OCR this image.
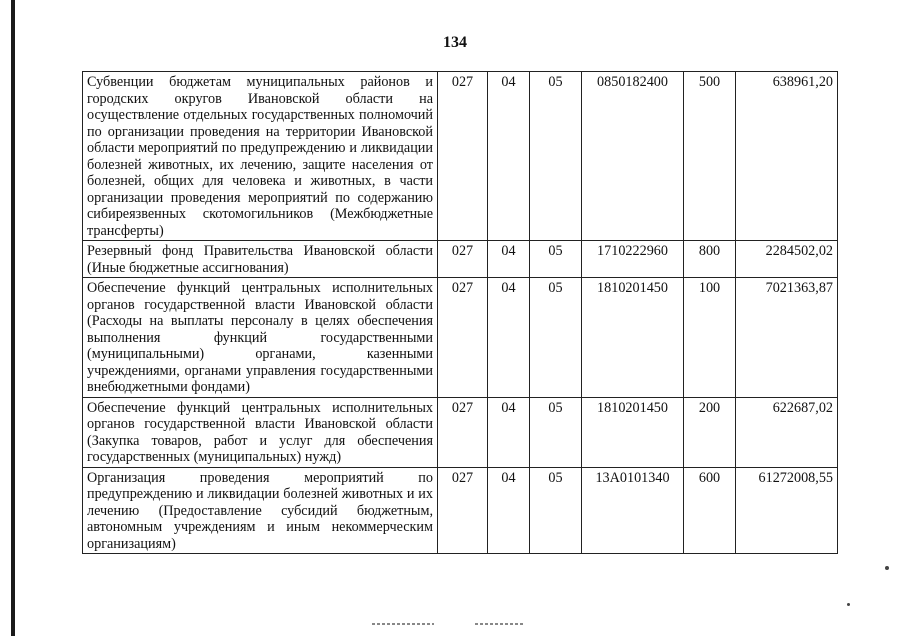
134
Субвенции бюджетам муниципальных районов и городских округов Ивановской области на осуществление отдельных государственных полномочий по организации проведения на территории Ивановской области мероприятий по предупреждению и ликвидации болезней животных, их лечению, защите населения от болезней, общих для человека и животных, в части организации проведения мероприятий по содержанию сибиреязвенных скотомогильников (Межбюджетные трансферты)	027	04	05	0850182400	500	638961,20
Резервный фонд Правительства Ивановской области (Иные бюджетные ассигнования)	027	04	05	1710222960	800	2284502,02
Обеспечение функций центральных исполнительных органов государственной власти Ивановской области (Расходы на выплаты персоналу в целях обеспечения выполнения функций государственными (муниципальными) органами, казенными учреждениями, органами управления государственными внебюджетными фондами)	027	04	05	1810201450	100	7021363,87
Обеспечение функций центральных исполнительных органов государственной власти Ивановской области (Закупка товаров, работ и услуг для обеспечения государственных (муниципальных) нужд)	027	04	05	1810201450	200	622687,02
Организация проведения мероприятий по предупреждению и ликвидации болезней животных и их лечению (Предоставление субсидий бюджетным, автономным учреждениям и иным некоммерческим организациям)	027	04	05	13А0101340	600	61272008,55
